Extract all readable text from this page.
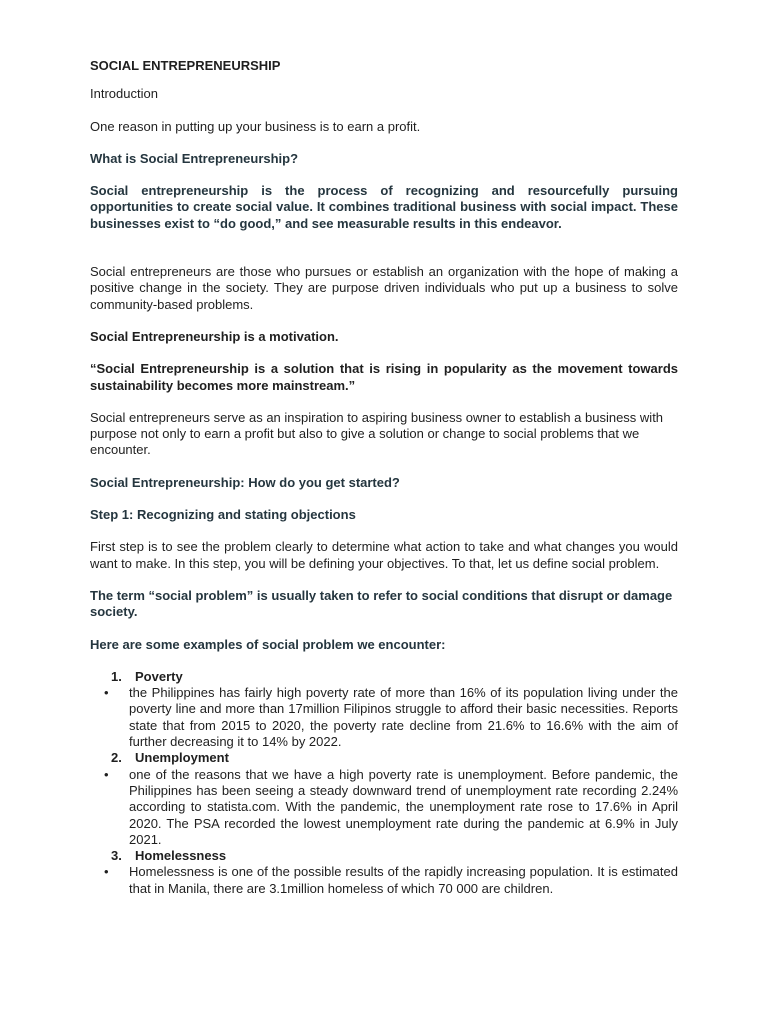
SOCIAL ENTREPRENEURSHIP

Introduction

One reason in putting up your business is to earn a profit.

What is Social Entrepreneurship?

Social entrepreneurship is the process of recognizing and resourcefully pursuing opportunities to create social value. It combines traditional business with social impact. These businesses exist to “do good,” and see measurable results in this endeavor.

Social entrepreneurs are those who pursues or establish an organization with the hope of making a positive change in the society. They are purpose driven individuals who put up a business to solve community-based problems.

Social Entrepreneurship is a motivation.

“Social Entrepreneurship is a solution that is rising in popularity as the movement towards sustainability becomes more mainstream.”

Social entrepreneurs serve as an inspiration to aspiring business owner to establish a business with purpose not only to earn a profit but also to give a solution or change to social problems that we encounter.

Social Entrepreneurship: How do you get started?

Step 1: Recognizing and stating objections

First step is to see the problem clearly to determine what action to take and what changes you would want to make. In this step, you will be defining your objectives. To that, let us define social problem.

The term “social problem” is usually taken to refer to social conditions that disrupt or damage society.

Here are some examples of social problem we encounter:

1. Poverty
• the Philippines has fairly high poverty rate of more than 16% of its population living under the poverty line and more than 17million Filipinos struggle to afford their basic necessities. Reports state that from 2015 to 2020, the poverty rate decline from 21.6% to 16.6% with the aim of further decreasing it to 14% by 2022.
2. Unemployment
• one of the reasons that we have a high poverty rate is unemployment. Before pandemic, the Philippines has been seeing a steady downward trend of unemployment rate recording 2.24% according to statista.com. With the pandemic, the unemployment rate rose to 17.6% in April 2020. The PSA recorded the lowest unemployment rate during the pandemic at 6.9% in July 2021.
3. Homelessness
• Homelessness is one of the possible results of the rapidly increasing population. It is estimated that in Manila, there are 3.1million homeless of which 70 000 are children.
